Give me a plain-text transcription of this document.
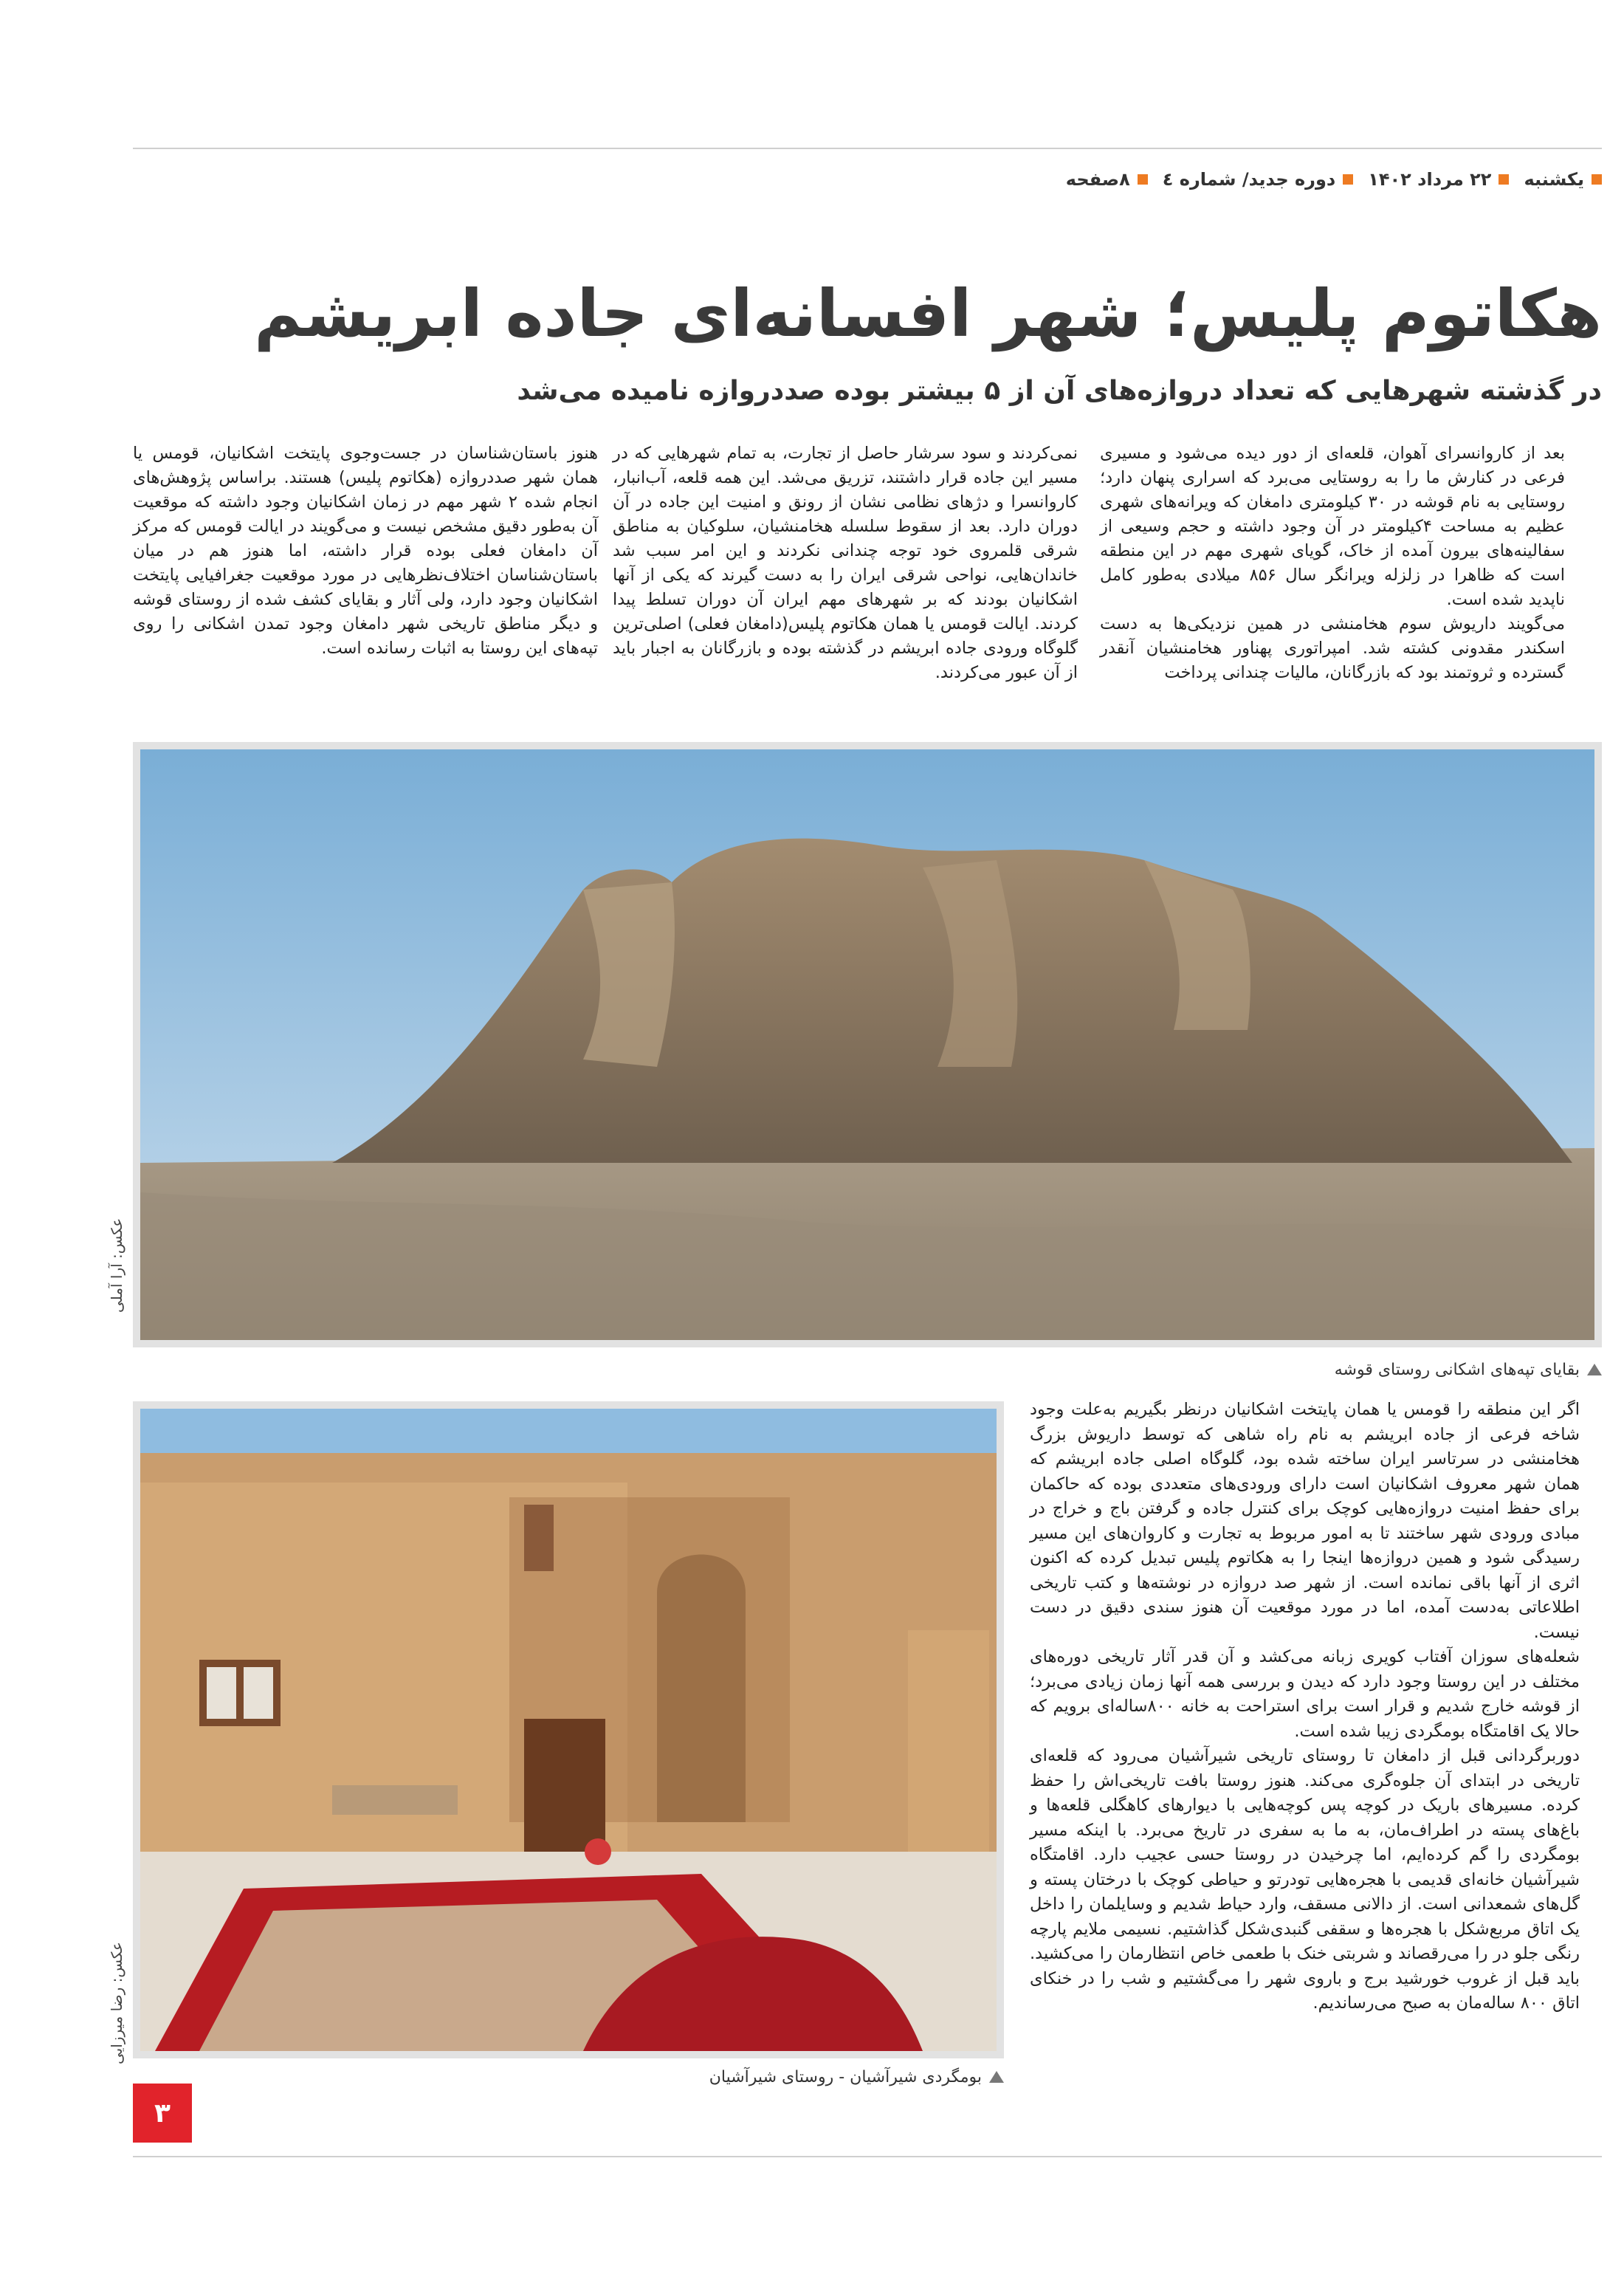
یکشنبه
۲۲ مرداد ۱۴۰۲
دوره جدید/ شماره ٤
۸صفحه
هکاتوم پلیس؛ شهر افسانه‌ای جاده ابریشم
در گذشته شهرهایی که تعداد دروازه‌های آن از ۵ بیشتر بوده صددروازه نامیده می‌شد

بعد از کاروانسرای آهوان، قلعه‌ای از دور دیده می‌شود و مسیری فرعی در کنارش ما را به روستایی می‌برد که اسراری پنهان دارد؛ روستایی به نام قوشه در ۳۰ کیلومتری دامغان که ویرانه‌های شهری عظیم به مساحت ۴کیلومتر در آن وجود داشته و حجم وسیعی از سفالینه‌های بیرون آمده از خاک، گویای شهری مهم در این منطقه است که ظاهرا در زلزله ویرانگر سال ۸۵۶ میلادی به‌طور کامل ناپدید شده است.

می‌گویند داریوش سوم هخامنشی در همین نزدیکی‌ها به دست اسکندر مقدونی کشته شد. امپراتوری پهناور هخامنشیان آنقدر گسترده و ثروتمند بود که بازرگانان، مالیات چندانی پرداخت

نمی‌کردند و سود سرشار حاصل از تجارت، به تمام شهرهایی که در مسیر این جاده قرار داشتند، تزریق می‌شد. این همه قلعه، آب‌انبار، کاروانسرا و دژهای نظامی نشان از رونق و امنیت این جاده در آن دوران دارد. بعد از سقوط سلسله هخامنشیان، سلوکیان به مناطق شرقی قلمروی خود توجه چندانی نکردند و این امر سبب شد خاندان‌هایی، نواحی شرقی ایران را به دست گیرند که یکی از آنها اشکانیان بودند که بر شهرهای مهم ایران آن دوران تسلط پیدا کردند. ایالت قومس یا همان هکاتوم پلیس(دامغان فعلی) اصلی‌ترین گلوگاه ورودی جاده ابریشم در گذشته بوده و بازرگانان به اجبار باید از آن عبور می‌کردند.

هنوز باستان‌شناسان در جست‌وجوی پایتخت اشکانیان، قومس یا همان شهر صددروازه (هکاتوم پلیس) هستند. براساس پژوهش‌های انجام شده ۲ شهر مهم در زمان اشکانیان وجود داشته که موقعیت آن به‌طور دقیق مشخص نیست و می‌گویند در ایالت قومس که مرکز آن دامغان فعلی بوده قرار داشته، اما هنوز هم در میان باستان‌شناسان اختلاف‌نظرهایی در مورد موقعیت جغرافیایی پایتخت اشکانیان وجود دارد، ولی آثار و بقایای کشف شده از روستای قوشه و دیگر مناطق تاریخی شهر دامغان وجود تمدن اشکانی را روی تپه‌های این روستا به اثبات رسانده است.

عکس: آرا آملی
بقایای تپه‌های اشکانی روستای قوشه
عکس: رضا میرزایی
بومگردی شیرآشیان - روستای شیرآشیان

اگر این منطقه را قومس یا همان پایتخت اشکانیان درنظر بگیریم به‌علت وجود شاخه فرعی از جاده ابریشم به نام راه شاهی که توسط داریوش بزرگ هخامنشی در سرتاسر ایران ساخته شده بود، گلوگاه اصلی جاده ابریشم که همان شهر معروف اشکانیان است دارای ورودی‌های متعددی بوده که حاکمان برای حفظ امنیت دروازه‌هایی کوچک برای کنترل جاده و گرفتن باج و خراج در مبادی ورودی شهر ساختند تا به امور مربوط به تجارت و کاروان‌های این مسیر رسیدگی شود و همین دروازه‌ها اینجا را به هکاتوم پلیس تبدیل کرده که اکنون اثری از آنها باقی نمانده است. از شهر صد دروازه در نوشته‌ها و کتب تاریخی اطلاعاتی به‌دست آمده، اما در مورد موقعیت آن هنوز سندی دقیق در دست نیست.

شعله‌های سوزان آفتاب کویری زبانه می‌کشد و آن قدر آثار تاریخی دوره‌های مختلف در این روستا وجود دارد که دیدن و بررسی همه آنها زمان زیادی می‌برد؛ از قوشه خارج شدیم و قرار است برای استراحت به خانه ۸۰۰ساله‌ای برویم که حالا یک اقامتگاه بومگردی زیبا شده است.

دوربرگردانی قبل از دامغان تا روستای تاریخی شیرآشیان می‌رود که قلعه‌ای تاریخی در ابتدای آن جلوه‌گری می‌کند. هنوز روستا بافت تاریخی‌اش را حفظ کرده. مسیرهای باریک در کوچه پس کوچه‌هایی با دیوارهای کاهگلی قلعه‌ها و باغ‌های پسته در اطراف‌مان، به ما به سفری در تاریخ می‌برد. با اینکه مسیر بومگردی را گم کرده‌ایم، اما چرخیدن در روستا حسی عجیب دارد. اقامتگاه شیرآشیان خانه‌ای قدیمی با هجره‌هایی تودرتو و حیاطی کوچک با درختان پسته و گل‌های شمعدانی است. از دالانی مسقف، وارد حیاط شدیم و وسایلمان را داخل یک اتاق مربع‌شکل با هجره‌ها و سقفی گنبدی‌شکل گذاشتیم. نسیمی ملایم پارچه رنگی جلو در را می‌رقصاند و شربتی خنک با طعمی خاص انتظارمان را می‌کشید. باید قبل از غروب خورشید برج و باروی شهر را می‌گشتیم و شب را در خنکای اتاق ۸۰۰ ساله‌مان به صبح می‌رساندیم.

۳
